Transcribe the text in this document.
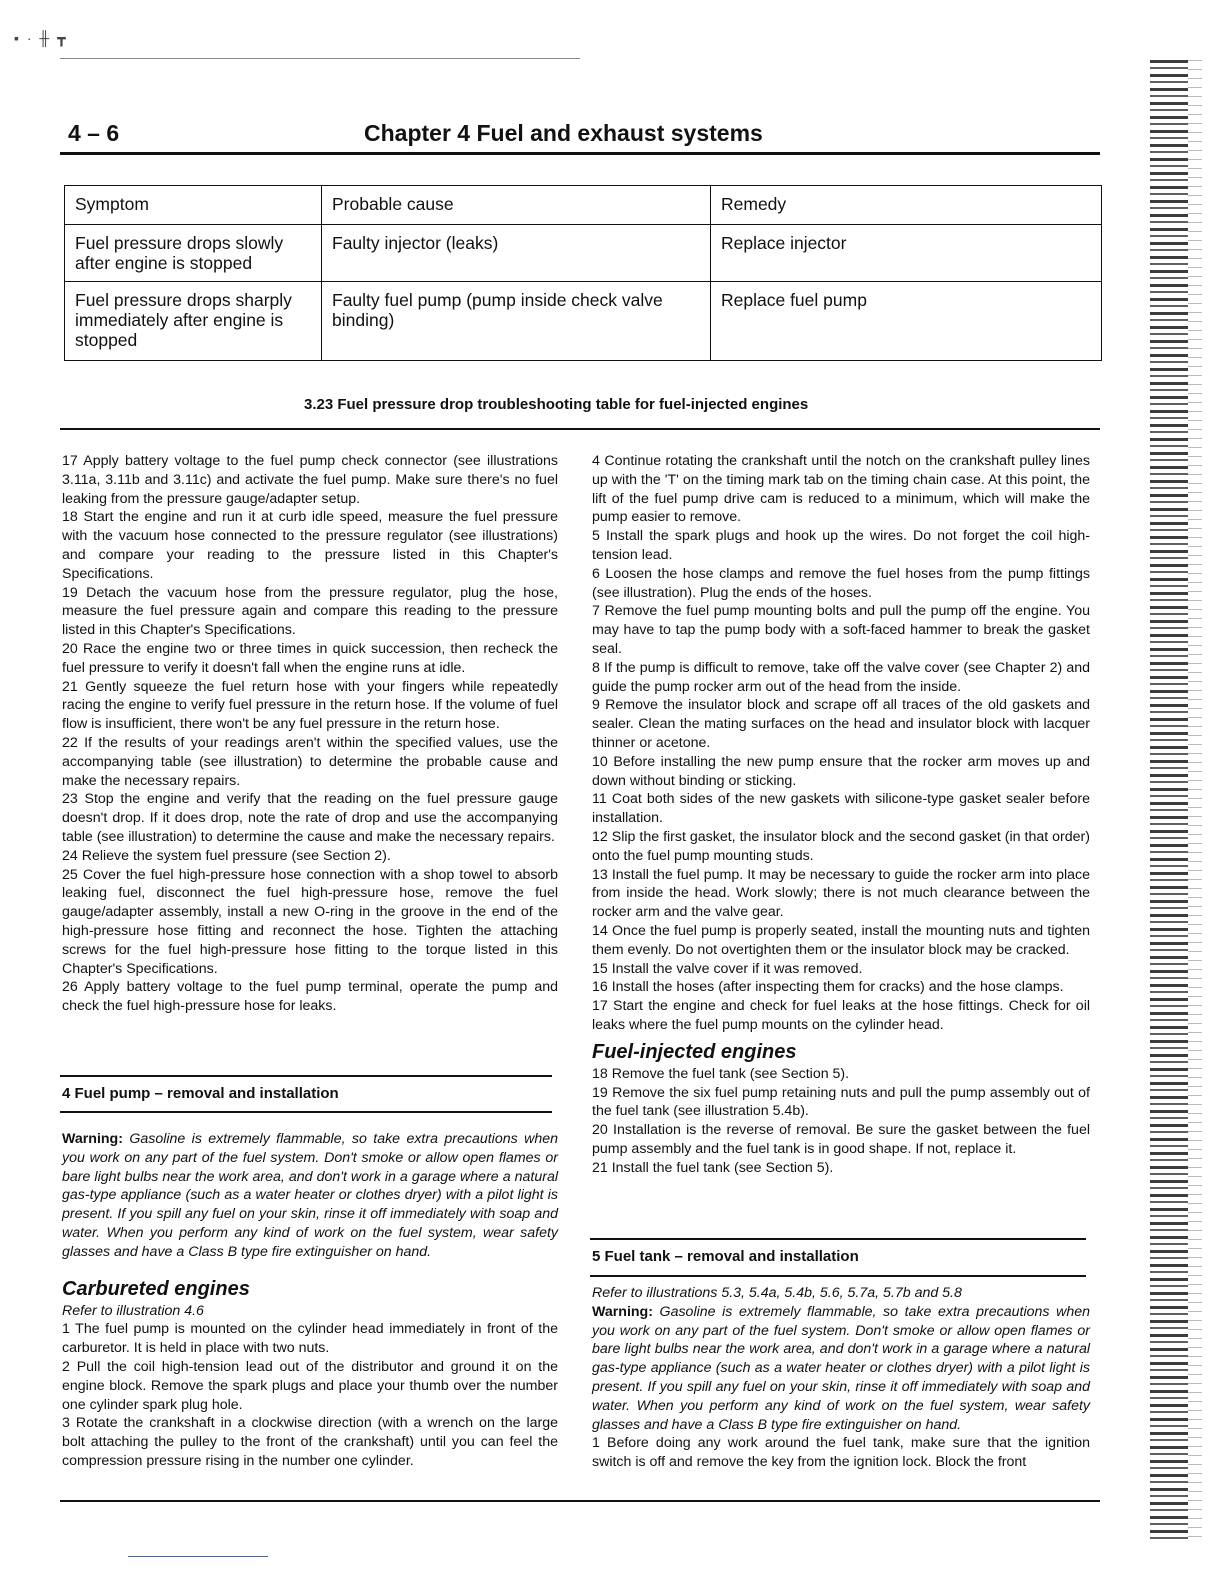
▪ · ╫ ┳
4 – 6	Chapter 4 Fuel and exhaust systems
Symptom	Probable cause	Remedy
Fuel pressure drops slowly after engine is stopped	Faulty injector (leaks)	Replace injector
Fuel pressure drops sharply immediately after engine is stopped	Faulty fuel pump (pump inside check valve binding)	Replace fuel pump
3.23 Fuel pressure drop troubleshooting table for fuel-injected engines

17 Apply battery voltage to the fuel pump check connector (see illustrations 3.11a, 3.11b and 3.11c) and activate the fuel pump. Make sure there's no fuel leaking from the pressure gauge/adapter setup.

18 Start the engine and run it at curb idle speed, measure the fuel pressure with the vacuum hose connected to the pressure regulator (see illustrations) and compare your reading to the pressure listed in this Chapter's Specifications.

19 Detach the vacuum hose from the pressure regulator, plug the hose, measure the fuel pressure again and compare this reading to the pressure listed in this Chapter's Specifications.

20 Race the engine two or three times in quick succession, then recheck the fuel pressure to verify it doesn't fall when the engine runs at idle.

21 Gently squeeze the fuel return hose with your fingers while repeatedly racing the engine to verify fuel pressure in the return hose. If the volume of fuel flow is insufficient, there won't be any fuel pressure in the return hose.

22 If the results of your readings aren't within the specified values, use the accompanying table (see illustration) to determine the probable cause and make the necessary repairs.

23 Stop the engine and verify that the reading on the fuel pressure gauge doesn't drop. If it does drop, note the rate of drop and use the accompanying table (see illustration) to determine the cause and make the necessary repairs.

24 Relieve the system fuel pressure (see Section 2).

25 Cover the fuel high-pressure hose connection with a shop towel to absorb leaking fuel, disconnect the fuel high-pressure hose, remove the fuel gauge/adapter assembly, install a new O-ring in the groove in the end of the high-pressure hose fitting and reconnect the hose. Tighten the attaching screws for the fuel high-pressure hose fitting to the torque listed in this Chapter's Specifications.

26 Apply battery voltage to the fuel pump terminal, operate the pump and check the fuel high-pressure hose for leaks.

4 Fuel pump – removal and installation

Warning: Gasoline is extremely flammable, so take extra precautions when you work on any part of the fuel system. Don't smoke or allow open flames or bare light bulbs near the work area, and don't work in a garage where a natural gas-type appliance (such as a water heater or clothes dryer) with a pilot light is present. If you spill any fuel on your skin, rinse it off immediately with soap and water. When you perform any kind of work on the fuel system, wear safety glasses and have a Class B type fire extinguisher on hand.

Carbureted engines

Refer to illustration 4.6

1 The fuel pump is mounted on the cylinder head immediately in front of the carburetor. It is held in place with two nuts.

2 Pull the coil high-tension lead out of the distributor and ground it on the engine block. Remove the spark plugs and place your thumb over the number one cylinder spark plug hole.

3 Rotate the crankshaft in a clockwise direction (with a wrench on the large bolt attaching the pulley to the front of the crankshaft) until you can feel the compression pressure rising in the number one cylinder.

4 Continue rotating the crankshaft until the notch on the crankshaft pulley lines up with the 'T' on the timing mark tab on the timing chain case. At this point, the lift of the fuel pump drive cam is reduced to a minimum, which will make the pump easier to remove.

5 Install the spark plugs and hook up the wires. Do not forget the coil high-tension lead.

6 Loosen the hose clamps and remove the fuel hoses from the pump fittings (see illustration). Plug the ends of the hoses.

7 Remove the fuel pump mounting bolts and pull the pump off the engine. You may have to tap the pump body with a soft-faced hammer to break the gasket seal.

8 If the pump is difficult to remove, take off the valve cover (see Chapter 2) and guide the pump rocker arm out of the head from the inside.

9 Remove the insulator block and scrape off all traces of the old gaskets and sealer. Clean the mating surfaces on the head and insulator block with lacquer thinner or acetone.

10 Before installing the new pump ensure that the rocker arm moves up and down without binding or sticking.

11 Coat both sides of the new gaskets with silicone-type gasket sealer before installation.

12 Slip the first gasket, the insulator block and the second gasket (in that order) onto the fuel pump mounting studs.

13 Install the fuel pump. It may be necessary to guide the rocker arm into place from inside the head. Work slowly; there is not much clearance between the rocker arm and the valve gear.

14 Once the fuel pump is properly seated, install the mounting nuts and tighten them evenly. Do not overtighten them or the insulator block may be cracked.

15 Install the valve cover if it was removed.

16 Install the hoses (after inspecting them for cracks) and the hose clamps.

17 Start the engine and check for fuel leaks at the hose fittings. Check for oil leaks where the fuel pump mounts on the cylinder head.

Fuel-injected engines

18 Remove the fuel tank (see Section 5).

19 Remove the six fuel pump retaining nuts and pull the pump assembly out of the fuel tank (see illustration 5.4b).

20 Installation is the reverse of removal. Be sure the gasket between the fuel pump assembly and the fuel tank is in good shape. If not, replace it.

21 Install the fuel tank (see Section 5).

5 Fuel tank – removal and installation

Refer to illustrations 5.3, 5.4a, 5.4b, 5.6, 5.7a, 5.7b and 5.8

Warning: Gasoline is extremely flammable, so take extra precautions when you work on any part of the fuel system. Don't smoke or allow open flames or bare light bulbs near the work area, and don't work in a garage where a natural gas-type appliance (such as a water heater or clothes dryer) with a pilot light is present. If you spill any fuel on your skin, rinse it off immediately with soap and water. When you perform any kind of work on the fuel system, wear safety glasses and have a Class B type fire extinguisher on hand.

1 Before doing any work around the fuel tank, make sure that the ignition switch is off and remove the key from the ignition lock. Block the front
